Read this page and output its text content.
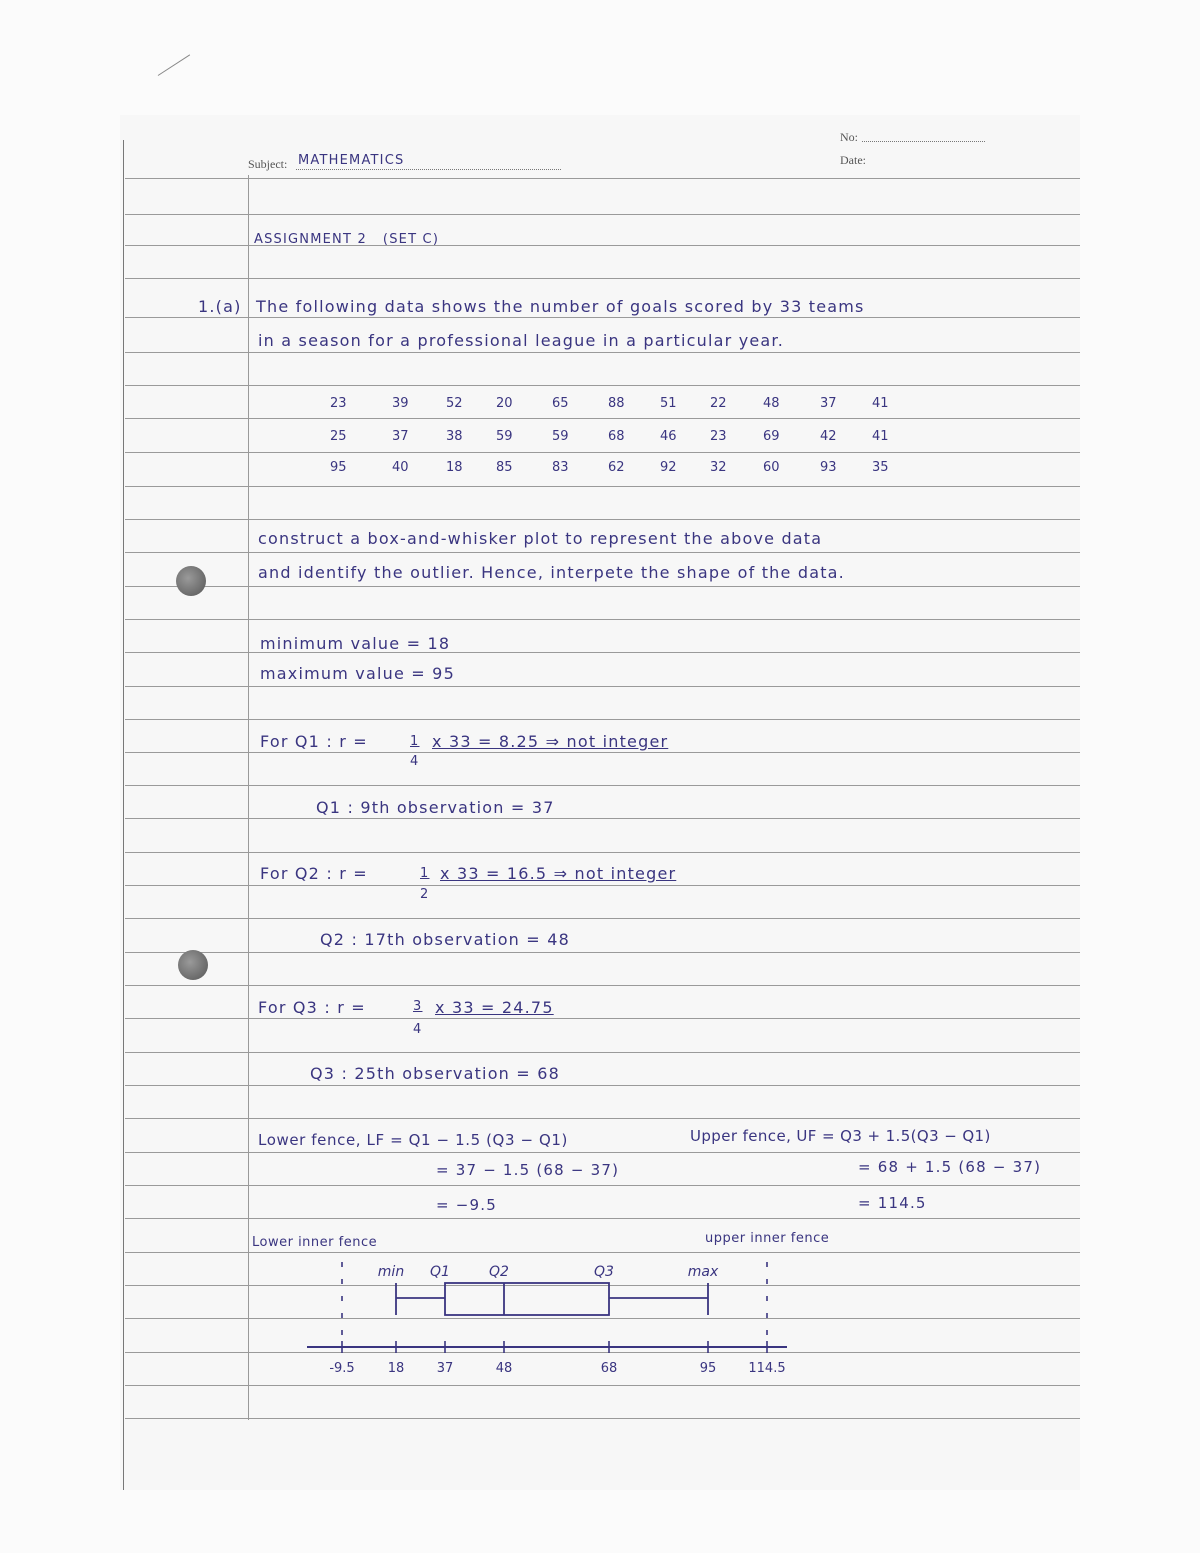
Subject: MATHEMATICS
No:
Date:
ASSIGNMENT 2   (SET C)
1.(a) The following data shows the number of goals scored by 33 teams
in a season for a professional league in a particular year.
23	39	52	20	65	88	51	22	48	37	41
25	37	38	59	59	68	46	23	69	42	41
95	40	18	85	83	62	92	32	60	93	35
construct a box-and-whisker plot to represent the above data
and identify the outlier. Hence, interpete the shape of the data.
minimum value = 18
maximum value = 95
For Q1 : r =	1
4
x 33 = 8.25 ⇒ not integer
Q1 : 9th observation = 37
For Q2 : r =	1
2
x 33 = 16.5 ⇒ not integer
Q2 : 17th observation = 48
For Q3 : r =	3
4
x 33 = 24.75
Q3 : 25th observation = 68
Lower fence, LF = Q1 − 1.5 (Q3 − Q1)
= 37 − 1.5 (68 − 37)
= −9.5
Upper fence, UF = Q3 + 1.5(Q3 − Q1)
= 68 + 1.5 (68 − 37)
= 114.5
Lower inner fence	upper inner fence
-9.5	18 37	48	68	95 114.5
min Q1	Q2	Q3	max
